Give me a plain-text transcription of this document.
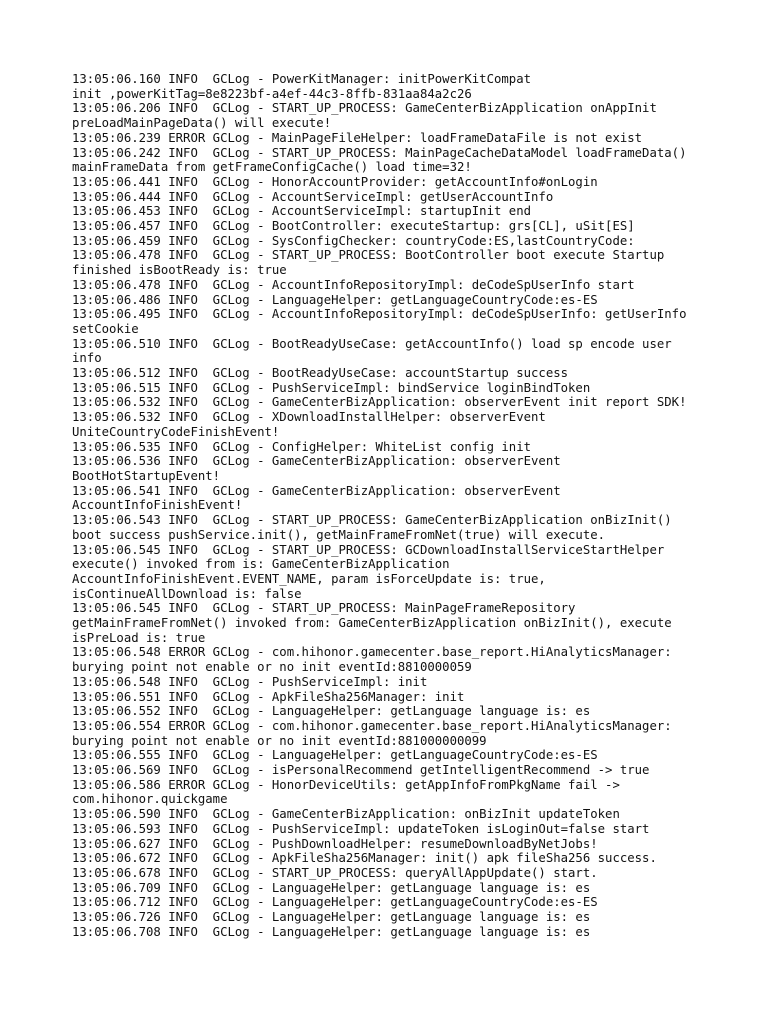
13:05:06.160 INFO  GCLog - PowerKitManager: initPowerKitCompat
init ,powerKitTag=8e8223bf-a4ef-44c3-8ffb-831aa84a2c26
13:05:06.206 INFO  GCLog - START_UP_PROCESS: GameCenterBizApplication onAppInit
preLoadMainPageData() will execute!
13:05:06.239 ERROR GCLog - MainPageFileHelper: loadFrameDataFile is not exist
13:05:06.242 INFO  GCLog - START_UP_PROCESS: MainPageCacheDataModel loadFrameData()
mainFrameData from getFrameConfigCache() load time=32!
13:05:06.441 INFO  GCLog - HonorAccountProvider: getAccountInfo#onLogin
13:05:06.444 INFO  GCLog - AccountServiceImpl: getUserAccountInfo
13:05:06.453 INFO  GCLog - AccountServiceImpl: startupInit end
13:05:06.457 INFO  GCLog - BootController: executeStartup: grs[CL], uSit[ES]
13:05:06.459 INFO  GCLog - SysConfigChecker: countryCode:ES,lastCountryCode:
13:05:06.478 INFO  GCLog - START_UP_PROCESS: BootController boot execute Startup
finished isBootReady is: true
13:05:06.478 INFO  GCLog - AccountInfoRepositoryImpl: deCodeSpUserInfo start
13:05:06.486 INFO  GCLog - LanguageHelper: getLanguageCountryCode:es-ES
13:05:06.495 INFO  GCLog - AccountInfoRepositoryImpl: deCodeSpUserInfo: getUserInfo
setCookie
13:05:06.510 INFO  GCLog - BootReadyUseCase: getAccountInfo() load sp encode user
info
13:05:06.512 INFO  GCLog - BootReadyUseCase: accountStartup success
13:05:06.515 INFO  GCLog - PushServiceImpl: bindService loginBindToken
13:05:06.532 INFO  GCLog - GameCenterBizApplication: observerEvent init report SDK!
13:05:06.532 INFO  GCLog - XDownloadInstallHelper: observerEvent
UniteCountryCodeFinishEvent!
13:05:06.535 INFO  GCLog - ConfigHelper: WhiteList config init
13:05:06.536 INFO  GCLog - GameCenterBizApplication: observerEvent
BootHotStartupEvent!
13:05:06.541 INFO  GCLog - GameCenterBizApplication: observerEvent
AccountInfoFinishEvent!
13:05:06.543 INFO  GCLog - START_UP_PROCESS: GameCenterBizApplication onBizInit()
boot success pushService.init(), getMainFrameFromNet(true) will execute.
13:05:06.545 INFO  GCLog - START_UP_PROCESS: GCDownloadInstallServiceStartHelper
execute() invoked from is: GameCenterBizApplication
AccountInfoFinishEvent.EVENT_NAME, param isForceUpdate is: true,
isContinueAllDownload is: false
13:05:06.545 INFO  GCLog - START_UP_PROCESS: MainPageFrameRepository
getMainFrameFromNet() invoked from: GameCenterBizApplication onBizInit(), execute
isPreLoad is: true
13:05:06.548 ERROR GCLog - com.hihonor.gamecenter.base_report.HiAnalyticsManager:
burying point not enable or no init eventId:8810000059
13:05:06.548 INFO  GCLog - PushServiceImpl: init
13:05:06.551 INFO  GCLog - ApkFileSha256Manager: init
13:05:06.552 INFO  GCLog - LanguageHelper: getLanguage language is: es
13:05:06.554 ERROR GCLog - com.hihonor.gamecenter.base_report.HiAnalyticsManager:
burying point not enable or no init eventId:881000000099
13:05:06.555 INFO  GCLog - LanguageHelper: getLanguageCountryCode:es-ES
13:05:06.569 INFO  GCLog - isPersonalRecommend getIntelligentRecommend -> true
13:05:06.586 ERROR GCLog - HonorDeviceUtils: getAppInfoFromPkgName fail ->
com.hihonor.quickgame
13:05:06.590 INFO  GCLog - GameCenterBizApplication: onBizInit updateToken
13:05:06.593 INFO  GCLog - PushServiceImpl: updateToken isLoginOut=false start
13:05:06.627 INFO  GCLog - PushDownloadHelper: resumeDownloadByNetJobs!
13:05:06.672 INFO  GCLog - ApkFileSha256Manager: init() apk fileSha256 success.
13:05:06.678 INFO  GCLog - START_UP_PROCESS: queryAllAppUpdate() start.
13:05:06.709 INFO  GCLog - LanguageHelper: getLanguage language is: es
13:05:06.712 INFO  GCLog - LanguageHelper: getLanguageCountryCode:es-ES
13:05:06.726 INFO  GCLog - LanguageHelper: getLanguage language is: es
13:05:06.708 INFO  GCLog - LanguageHelper: getLanguage language is: es
